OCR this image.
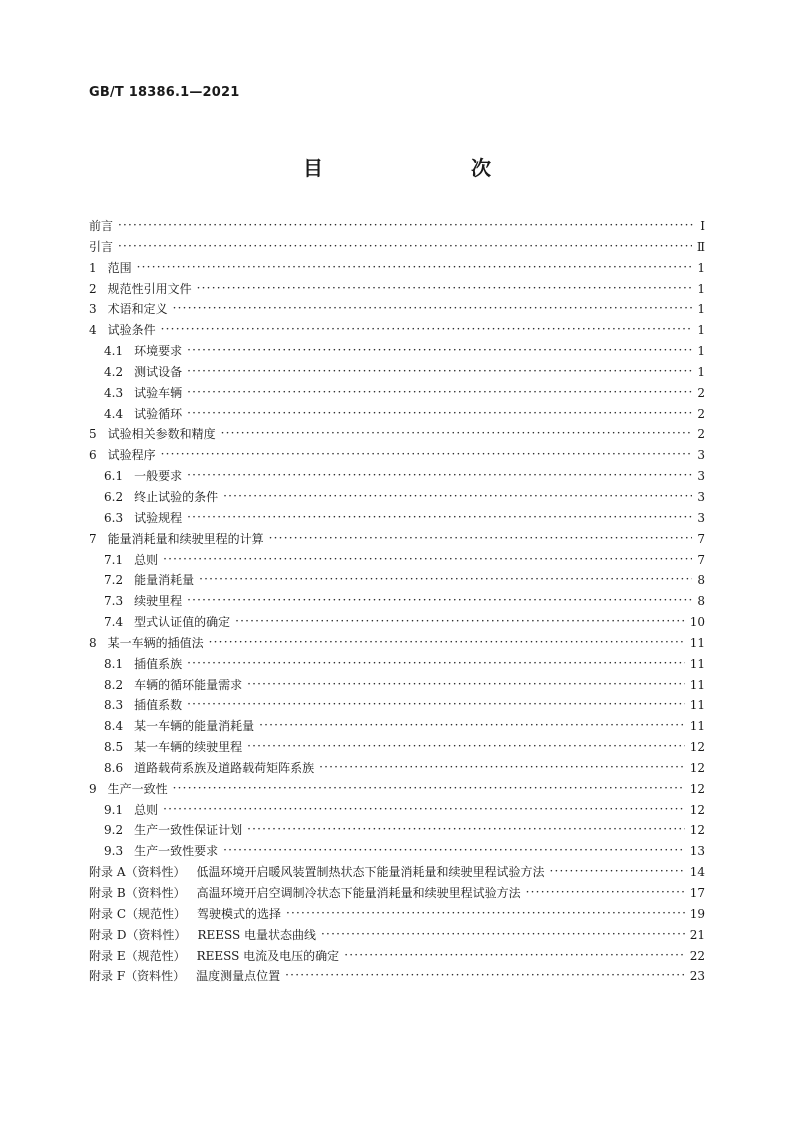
GB/T 18386.1—2021
目　　次
前言 ·····	Ⅰ
引言 ·····	Ⅱ
1 范围 ·····	1
2 规范性引用文件 ·····	1
3 术语和定义 ·····	1
4 试验条件 ·····	1
4.1 环境要求 ·····	1
4.2 测试设备 ·····	1
4.3 试验车辆 ·····	2
4.4 试验循环 ·····	2
5 试验相关参数和精度 ·····	2
6 试验程序 ·····	3
6.1 一般要求 ·····	3
6.2 终止试验的条件 ·····	3
6.3 试验规程 ·····	3
7 能量消耗量和续驶里程的计算 ·····	7
7.1 总则 ·····	7
7.2 能量消耗量 ·····	8
7.3 续驶里程 ·····	8
7.4 型式认证值的确定 ·····	10
8 某一车辆的插值法 ·····	11
8.1 插值系族 ·····	11
8.2 车辆的循环能量需求 ·····	11
8.3 插值系数 ·····	11
8.4 某一车辆的能量消耗量 ·····	11
8.5 某一车辆的续驶里程 ·····	12
8.6 道路载荷系族及道路载荷矩阵系族 ·····	12
9 生产一致性 ·····	12
9.1 总则 ·····	12
9.2 生产一致性保证计划 ·····	12
9.3 生产一致性要求 ·····	13
附录 A（资料性） 低温环境开启暖风装置制热状态下能量消耗量和续驶里程试验方法 ·····	14
附录 B（资料性） 高温环境开启空调制冷状态下能量消耗量和续驶里程试验方法 ·····	17
附录 C（规范性） 驾驶模式的选择 ·····	19
附录 D（资料性） REESS 电量状态曲线 ·····	21
附录 E（规范性） REESS 电流及电压的确定 ·····	22
附录 F（资料性） 温度测量点位置 ·····	23
